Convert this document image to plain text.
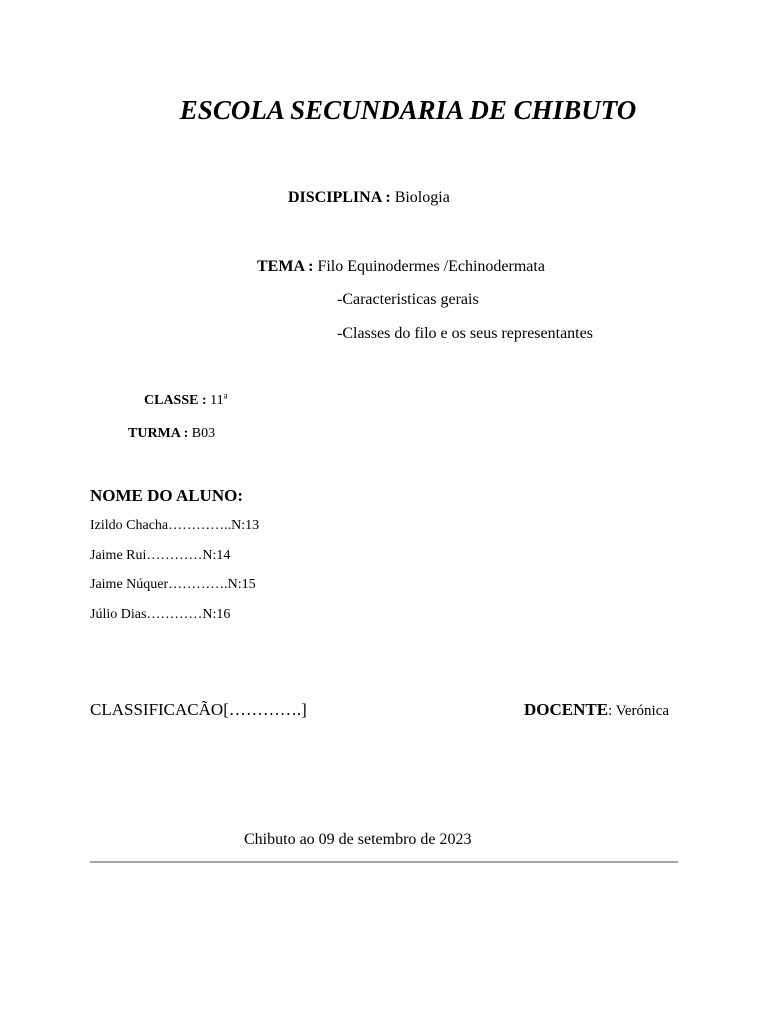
ESCOLA SECUNDARIA DE CHIBUTO
DISCIPLINA : Biologia
TEMA : Filo Equinodermes /Echinodermata
-Caracteristicas gerais
-Classes do filo e os seus representantes
CLASSE : 11$^a$
TURMA : B03
NOME DO ALUNO:
Izildo Chacha…………..N:13
Jaime Rui…………N:14
Jaime Núquer………….N:15
Júlio Dias…………N:16
CLASSIFICACÃO[………….]	DOCENTE: Verónica
Chibuto ao 09 de setembro de 2023
